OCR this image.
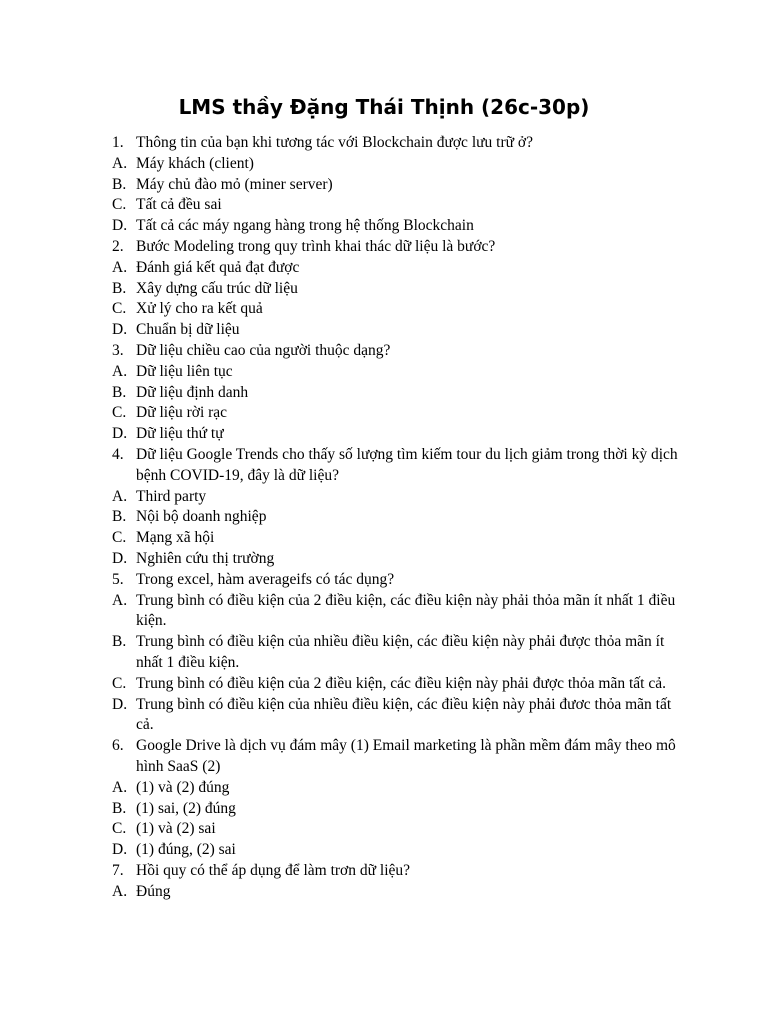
LMS thầy Đặng Thái Thịnh (26c-30p)
1. Thông tin của bạn khi tương tác với Blockchain được lưu trữ ở?
A. Máy khách (client)
B. Máy chủ đào mỏ (miner server)
C. Tất cả đều sai
D. Tất cả các máy ngang hàng trong hệ thống Blockchain
2. Bước Modeling trong quy trình khai thác dữ liệu là bước?
A. Đánh giá kết quả đạt được
B. Xây dựng cấu trúc dữ liệu
C. Xử lý cho ra kết quả
D. Chuẩn bị dữ liệu
3. Dữ liệu chiều cao của người thuộc dạng?
A. Dữ liệu liên tục
B. Dữ liệu định danh
C. Dữ liệu rời rạc
D. Dữ liệu thứ tự
4. Dữ liệu Google Trends cho thấy số lượng tìm kiếm tour du lịch giảm trong thời kỳ dịch bệnh COVID-19, đây là dữ liệu?
A. Third party
B. Nội bộ doanh nghiệp
C. Mạng xã hội
D. Nghiên cứu thị trường
5. Trong excel, hàm averageifs có tác dụng?
A. Trung bình có điều kiện của 2 điều kiện, các điều kiện này phải thỏa mãn ít nhất 1 điều kiện.
B. Trung bình có điều kiện của nhiều điều kiện, các điều kiện này phải được thỏa mãn ít nhất 1 điều kiện.
C. Trung bình có điều kiện của 2 điều kiện, các điều kiện này phải được thỏa mãn tất cả.
D. Trung bình có điều kiện của nhiều điều kiện, các điều kiện này phải đươc thỏa mãn tất cả.
6. Google Drive là dịch vụ đám mây (1) Email marketing là phần mềm đám mây theo mô hình SaaS (2)
A. (1) và (2) đúng
B. (1) sai, (2) đúng
C. (1) và (2) sai
D. (1) đúng, (2) sai
7. Hồi quy có thể áp dụng để làm trơn dữ liệu?
A. Đúng
